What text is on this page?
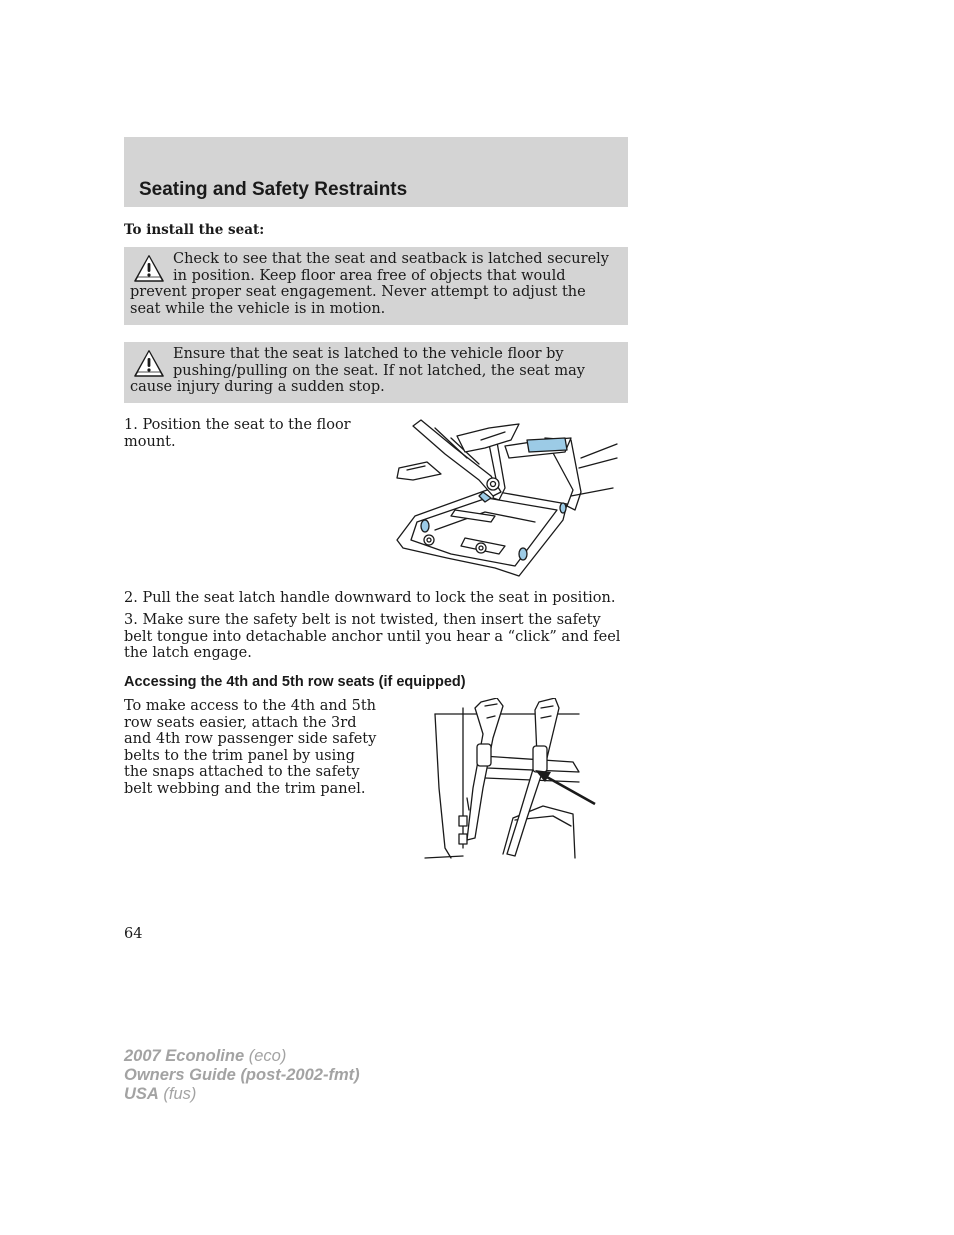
Seating and Safety Restraints

To install the seat:

Check to see that the seat and seatback is latched securely in position. Keep floor area free of objects that would prevent proper seat engagement. Never attempt to adjust the seat while the vehicle is in motion.

Ensure that the seat is latched to the vehicle floor by pushing/pulling on the seat. If not latched, the seat may cause injury during a sudden stop.

1. Position the seat to the floor mount.

2. Pull the seat latch handle downward to lock the seat in position.

3. Make sure the safety belt is not twisted, then insert the safety belt tongue into detachable anchor until you hear a “click” and feel the latch engage.

Accessing the 4th and 5th row seats (if equipped)

To make access to the 4th and 5th row seats easier, attach the 3rd and 4th row passenger side safety belts to the trim panel by using the snaps attached to the safety belt webbing and the trim panel.

64

2007 Econoline (eco)
Owners Guide (post-2002-fmt)
USA (fus)
